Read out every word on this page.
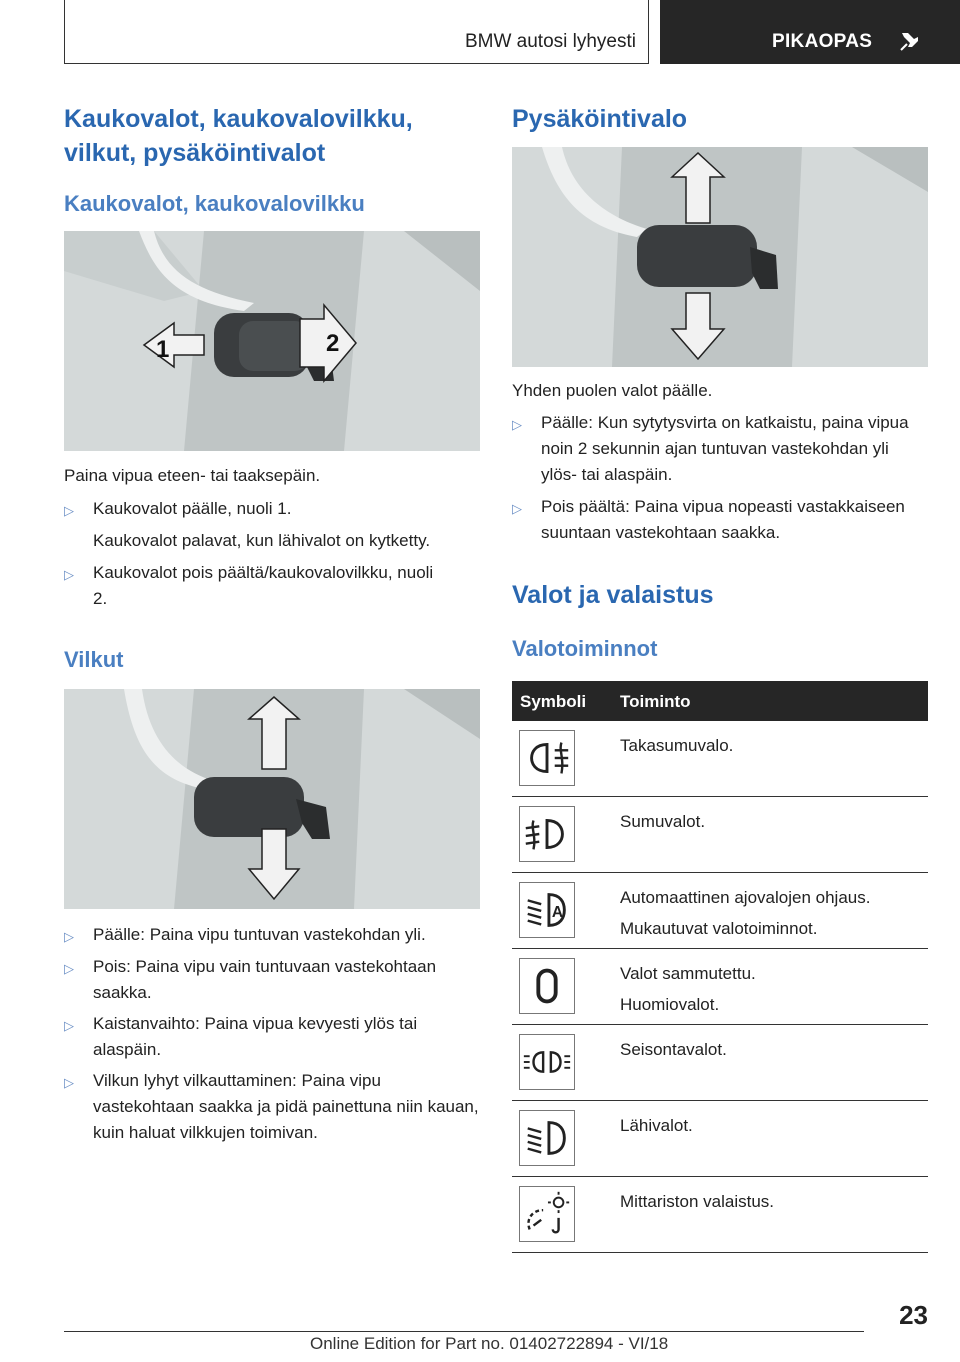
BMW autosi lyhyesti	PIKAOPAS
Kaukovalot, kaukovalovilkku, vilkut, pysäköintivalot
Kaukovalot, kaukovalovilkku
1	2
Paina vipua eteen- tai taaksepäin.
▷ Kaukovalot päälle, nuoli 1.
Kaukovalot palavat, kun lähivalot on kytketty.
▷ Kaukovalot pois päältä/kaukovalovilkku, nuoli 2.
Vilkut
▷ Päälle: Paina vipu tuntuvan vastekohdan yli.
▷ Pois: Paina vipu vain tuntuvaan vastekohtaan saakka.
▷ Kaistanvaihto: Paina vipua kevyesti ylös tai alaspäin.
▷ Vilkun lyhyt vilkauttaminen: Paina vipu vastekohtaan saakka ja pidä painettuna niin kauan, kuin haluat vilkkujen toimivan.
Pysäköintivalo
Yhden puolen valot päälle.
▷ Päälle: Kun sytytysvirta on katkaistu, paina vipua noin 2 sekunnin ajan tuntuvan vastekohdan yli ylös- tai alaspäin.
▷ Pois päältä: Paina vipua nopeasti vastakkaiseen suuntaan vastekohtaan saakka.
Valot ja valaistus
Valotoiminnot
Symboli Toiminto
Takasumuvalo.
Sumuvalot.
A
Automaattinen ajovalojen ohjaus.
Mukautuvat valotoiminnot.
Valot sammutettu.
Huomiovalot.
Seisontavalot.
Lähivalot.
Mittariston valaistus.
23
Online Edition for Part no. 01402722894 - VI/18
